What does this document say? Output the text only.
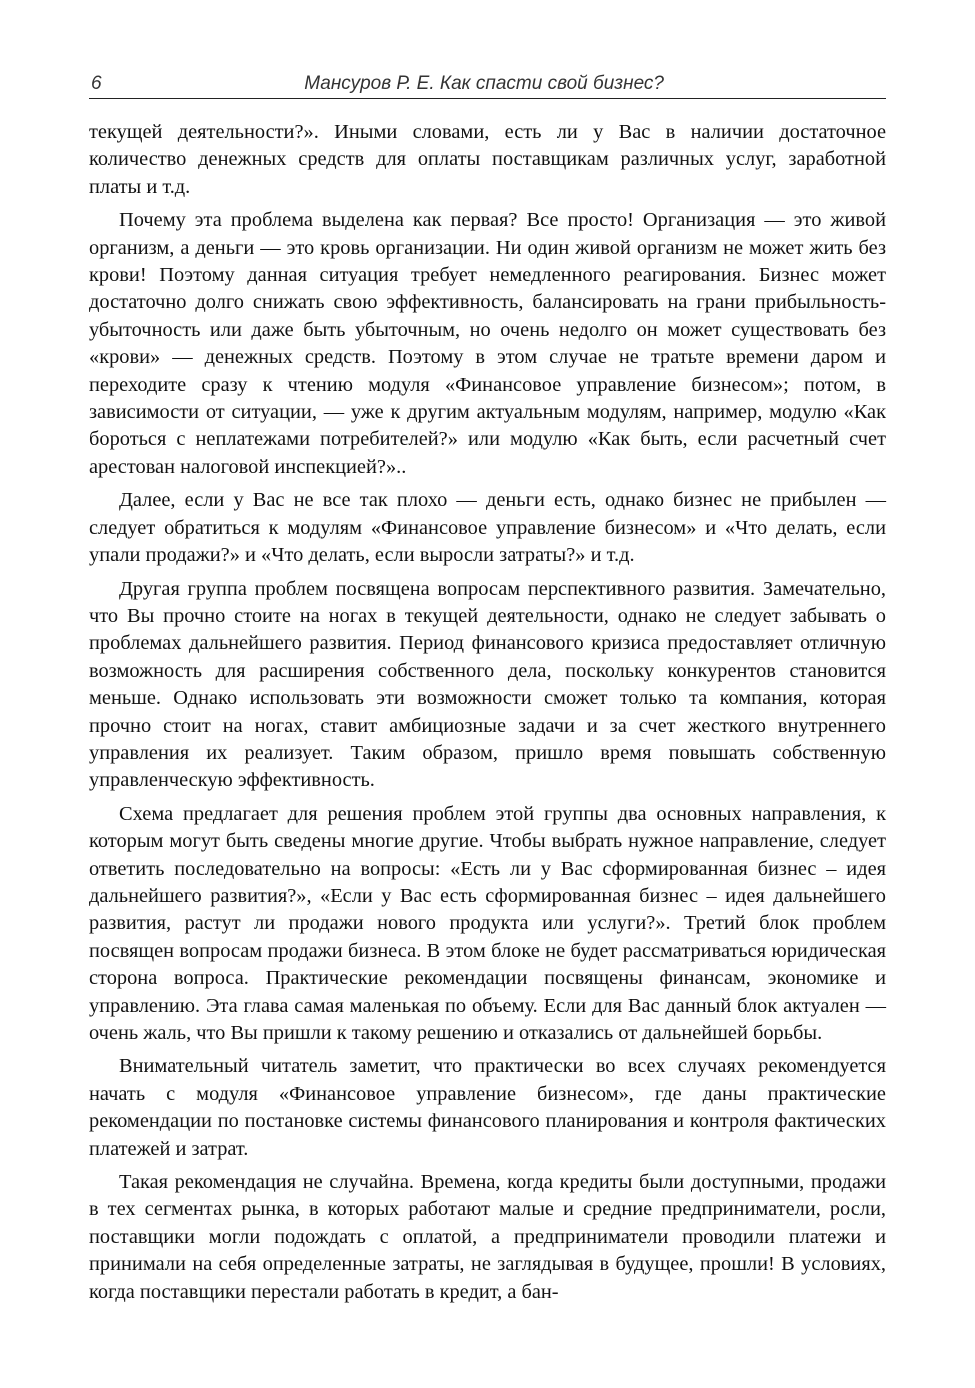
6	Мансуров Р. Е. Как спасти свой бизнес?

текущей деятельности?». Иными словами, есть ли у Вас в наличии достаточное количество денежных средств для оплаты поставщикам различных услуг, заработной платы и т.д.

Почему эта проблема выделена как первая? Все просто! Организация — это живой организм, а деньги — это кровь организации. Ни один живой организм не может жить без крови! Поэтому данная ситуация требует немедленного реагирования. Бизнес может достаточно долго снижать свою эффективность, балансировать на грани прибыльность-убыточность или даже быть убыточным, но очень недолго он может существовать без «крови» — денежных средств. Поэтому в этом случае не тратьте времени даром и переходите сразу к чтению модуля «Финансовое управление бизнесом»; потом, в зависимости от ситуации, — уже к другим актуальным модулям, например, модулю «Как бороться с неплатежами потребителей?» или модулю «Как быть, если расчетный счет арестован налоговой инспекцией?»..

Далее, если у Вас не все так плохо — деньги есть, однако бизнес не прибылен — следует обратиться к модулям «Финансовое управление бизнесом» и «Что делать, если упали продажи?» и «Что делать, если выросли затраты?» и т.д.

Другая группа проблем посвящена вопросам перспективного развития. Замечательно, что Вы прочно стоите на ногах в текущей деятельности, однако не следует забывать о проблемах дальнейшего развития. Период финансового кризиса предоставляет отличную возможность для расширения собственного дела, поскольку конкурентов становится меньше. Однако использовать эти возможности сможет только та компания, которая прочно стоит на ногах, ставит амбициозные задачи и за счет жесткого внутреннего управления их реализует. Таким образом, пришло время повышать собственную управленческую эффективность.

Схема предлагает для решения проблем этой группы два основных направления, к которым могут быть сведены многие другие. Чтобы выбрать нужное направление, следует ответить последовательно на вопросы: «Есть ли у Вас сформированная бизнес – идея дальнейшего развития?», «Если у Вас есть сформированная бизнес – идея дальнейшего развития, растут ли продажи нового продукта или услуги?». Третий блок проблем посвящен вопросам продажи бизнеса. В этом блоке не будет рассматриваться юридическая сторона вопроса. Практические рекомендации посвящены финансам, экономике и управлению. Эта глава самая маленькая по объему. Если для Вас данный блок актуален — очень жаль, что Вы пришли к такому решению и отказались от дальнейшей борьбы.

Внимательный читатель заметит, что практически во всех случаях рекомендуется начать с модуля «Финансовое управление бизнесом», где даны практические рекомендации по постановке системы финансового планирования и контроля фактических платежей и затрат.

Такая рекомендация не случайна. Времена, когда кредиты были доступными, продажи в тех сегментах рынка, в которых работают малые и средние предприниматели, росли, поставщики могли подождать с оплатой, а предприниматели проводили платежи и принимали на себя определенные затраты, не заглядывая в будущее, прошли! В условиях, когда поставщики перестали работать в кредит, а бан-
